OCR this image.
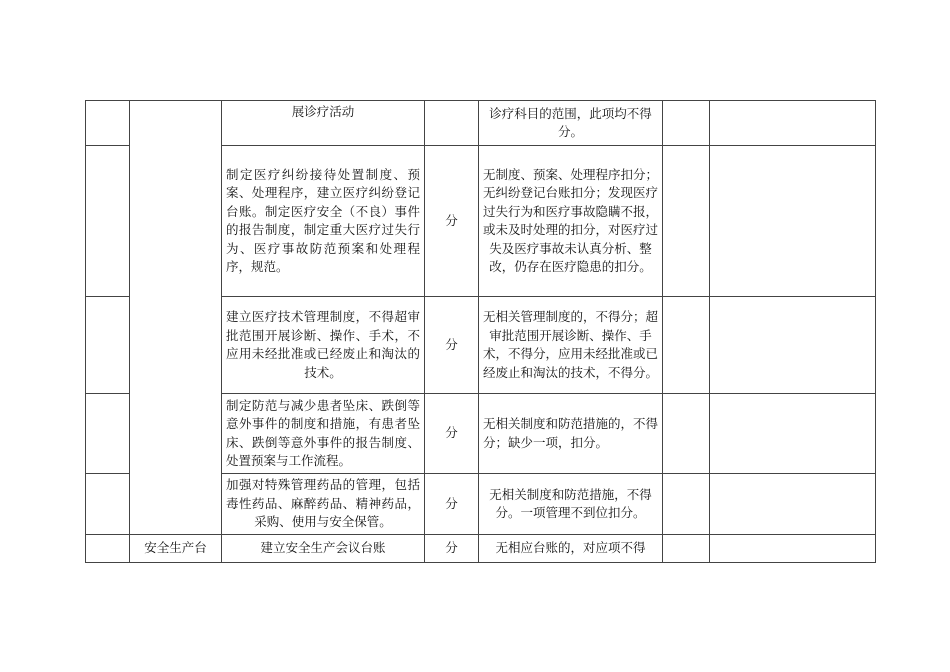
		展诊疗活动		诊疗科目的范围，此项均不得分。		
		制定医疗纠纷接待处置制度、预案、处理程序，建立医疗纠纷登记台账。制定医疗安全（不良）事件的报告制度，制定重大医疗过失行为、医疗事故防范预案和处理程序，规范。	分	无制度、预案、处理程序扣分；无纠纷登记台账扣分；发现医疗过失行为和医疗事故隐瞒不报，或未及时处理的扣分，对医疗过失及医疗事故未认真分析、整改，仍存在医疗隐患的扣分。		
		建立医疗技术管理制度，不得超审批范围开展诊断、操作、手术，不应用未经批准或已经废止和淘汰的技术。	分	无相关管理制度的，不得分；超审批范围开展诊断、操作、手术，不得分，应用未经批准或已经废止和淘汰的技术，不得分。		
		制定防范与减少患者坠床、跌倒等意外事件的制度和措施，有患者坠床、跌倒等意外事件的报告制度、处置预案与工作流程。	分	无相关制度和防范措施的，不得分；缺少一项，扣分。		
		加强对特殊管理药品的管理，包括毒性药品、麻醉药品、精神药品，采购、使用与安全保管。	分	无相关制度和防范措施，不得分。一项管理不到位扣分。		
	安全生产台	建立安全生产会议台账	分	无相应台账的，对应项不得		
